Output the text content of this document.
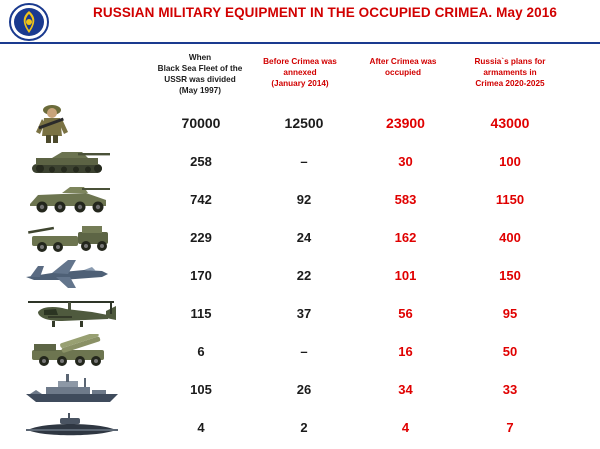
RUSSIAN MILITARY EQUIPMENT IN THE OCCUPIED CRIMEA. May 2016
When
Black Sea Fleet of the
USSR was divided
(May 1997)
Before Crimea was
annexed
(January 2014)
After Crimea was
occupied
Russia`s plans for
armaments in
Crimea 2020-2025
70000	12500	23900	43000
258	–	30	100
742	92	583	1150
229	24	162	400
170	22	101	150
115	37	56	95
6	–	16	50
105	26	34	33
4	2	4	7
